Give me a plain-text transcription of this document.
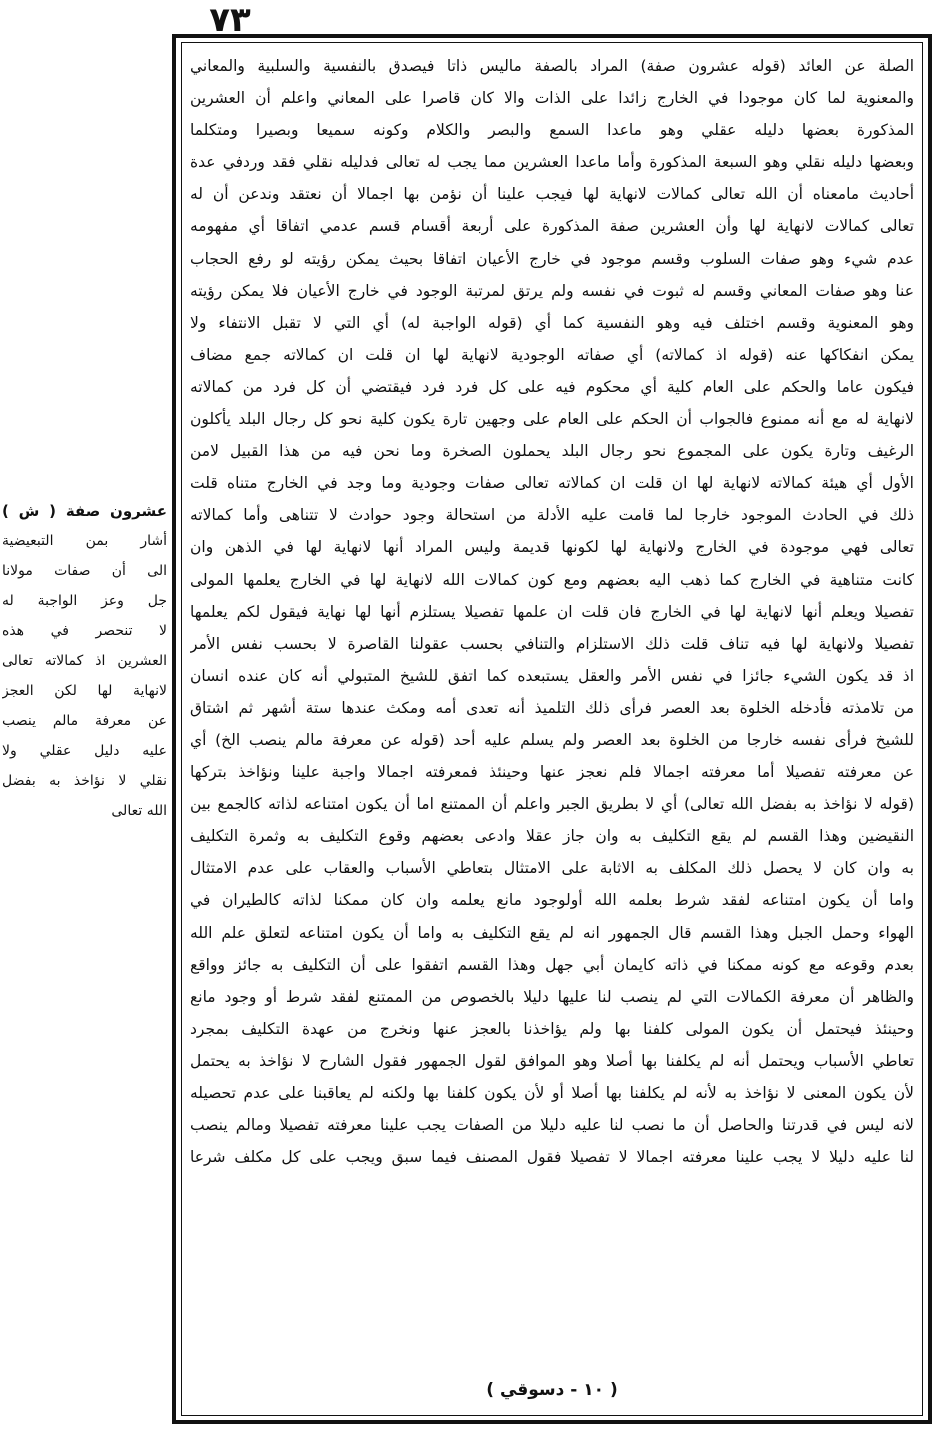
٧٣
الصلة عن العائد (قوله عشرون صفة) المراد بالصفة ماليس ذاتا فيصدق بالنفسية والسلبية والمعاني
والمعنوية لما كان موجودا في الخارج زائدا على الذات والا كان قاصرا على المعاني واعلم أن العشرين
المذكورة بعضها دليله عقلي وهو ماعدا السمع والبصر والكلام وكونه سميعا وبصيرا ومتكلما
وبعضها دليله نقلي وهو السبعة المذكورة وأما ماعدا العشرين مما يجب له تعالى فدليله نقلي فقد وردفي عدة
أحاديث مامعناه أن الله تعالى كمالات لانهاية لها فيجب علينا أن نؤمن بها اجمالا أن نعتقد وندعن أن له
تعالى كمالات لانهاية لها وأن العشرين صفة المذكورة على أربعة أقسام قسم عدمي اتفاقا أي مفهومه
عدم شيء وهو صفات السلوب وقسم موجود في خارج الأعيان اتفاقا بحيث يمكن رؤيته لو رفع الحجاب
عنا وهو صفات المعاني وقسم له ثبوت في نفسه ولم يرتق لمرتبة الوجود في خارج الأعيان فلا يمكن رؤيته
وهو المعنوية وقسم اختلف فيه وهو النفسية كما أي (قوله الواجبة له) أي التي لا تقبل الانتفاء ولا
يمكن انفكاكها عنه (قوله اذ كمالاته) أي صفاته الوجودية لانهاية لها ان قلت ان كمالاته جمع مضاف
فيكون عاما والحكم على العام كلية أي محكوم فيه على كل فرد فرد فيقتضي أن كل فرد من كمالاته
لانهاية له مع أنه ممنوع فالجواب أن الحكم على العام على وجهين تارة يكون كلية نحو كل رجال البلد يأكلون
الرغيف وتارة يكون على المجموع نحو رجال البلد يحملون الصخرة وما نحن فيه من هذا القبيل لامن
الأول أي هيئة كمالاته لانهاية لها ان قلت ان كمالاته تعالى صفات وجودية وما وجد في الخارج متناه قلت
ذلك في الحادث الموجود خارجا لما قامت عليه الأدلة من استحالة وجود حوادث لا تتناهى وأما كمالاته
تعالى فهي موجودة في الخارج ولانهاية لها لكونها قديمة وليس المراد أنها لانهاية لها في الذهن وان
كانت متناهية في الخارج كما ذهب اليه بعضهم ومع كون كمالات الله لانهاية لها في الخارج يعلمها المولى
تفصيلا ويعلم أنها لانهاية لها في الخارج فان قلت ان علمها تفصيلا يستلزم أنها لها نهاية فيقول لكم يعلمها
تفصيلا ولانهاية لها فيه تناف قلت ذلك الاستلزام والتنافي بحسب عقولنا القاصرة لا بحسب نفس الأمر
اذ قد يكون الشيء جائزا في نفس الأمر والعقل يستبعده كما اتفق للشيخ المتبولي أنه كان عنده انسان
من تلامذته فأدخله الخلوة بعد العصر فرأى ذلك التلميذ أنه تعدى أمه ومكث عندها ستة أشهر ثم اشتاق
للشيخ فرأى نفسه خارجا من الخلوة بعد العصر ولم يسلم عليه أحد (قوله عن معرفة مالم ينصب الخ) أي
عن معرفته تفصيلا أما معرفته اجمالا فلم نعجز عنها وحينئذ فمعرفته اجمالا واجبة علينا ونؤاخذ بتركها
(قوله لا نؤاخذ به بفضل الله تعالى) أي لا بطريق الجبر واعلم أن الممتنع اما أن يكون امتناعه لذاته كالجمع بين
النقيضين وهذا القسم لم يقع التكليف به وان جاز عقلا وادعى بعضهم وقوع التكليف به وثمرة التكليف
به وان كان لا يحصل ذلك المكلف به الاثابة على الامتثال بتعاطي الأسباب والعقاب على عدم الامتثال
واما أن يكون امتناعه لفقد شرط بعلمه الله أولوجود مانع يعلمه وان كان ممكنا لذاته كالطيران في
الهواء وحمل الجبل وهذا القسم قال الجمهور انه لم يقع التكليف به واما أن يكون امتناعه لتعلق علم الله
بعدم وقوعه مع كونه ممكنا في ذاته كايمان أبي جهل وهذا القسم اتفقوا على أن التكليف به جائز وواقع
والظاهر أن معرفة الكمالات التي لم ينصب لنا عليها دليلا بالخصوص من الممتنع لفقد شرط أو وجود مانع
وحينئذ فيحتمل أن يكون المولى كلفنا بها ولم يؤاخذنا بالعجز عنها ونخرج من عهدة التكليف بمجرد
تعاطي الأسباب ويحتمل أنه لم يكلفنا بها أصلا وهو الموافق لقول الجمهور فقول الشارح لا نؤاخذ به يحتمل
لأن يكون المعنى لا نؤاخذ به لأنه لم يكلفنا بها أصلا أو لأن يكون كلفنا بها ولكنه لم يعاقبنا على عدم تحصيله
لانه ليس في قدرتنا والحاصل أن ما نصب لنا عليه دليلا من الصفات يجب علينا معرفته تفصيلا ومالم ينصب
لنا عليه دليلا لا يجب علينا معرفته اجمالا لا تفصيلا فقول المصنف فيما سبق ويجب على كل مكلف شرعا
( ١٠ - دسوقي )
عشرون صفة ( ش )
أشار بمن التبعيضية
الى أن صفات مولانا
جل وعز الواجبة له
لا تنحصر في هذه
العشرين اذ كمالاته تعالى
لانهاية لها لكن العجز
عن معرفة مالم ينصب
عليه دليل عقلي ولا
نقلي لا نؤاخذ به بفضل
الله تعالى
